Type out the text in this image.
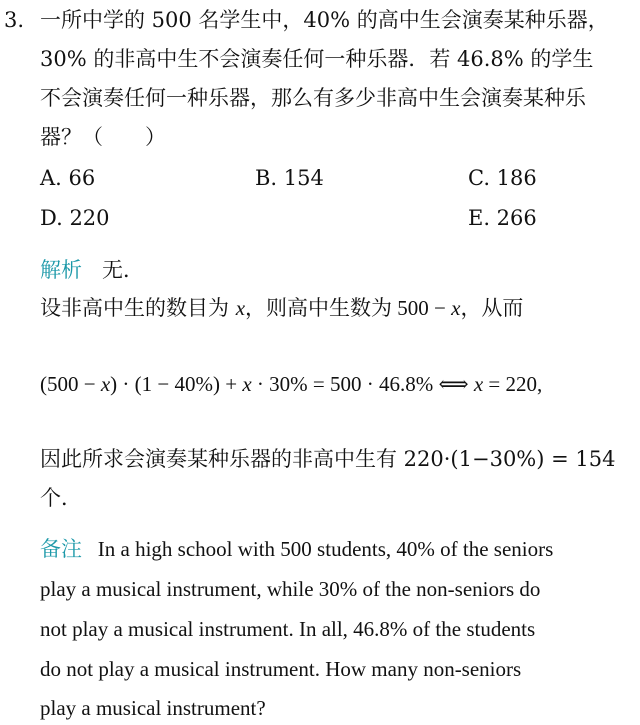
3. 一所中学的 500 名学生中，40% 的高中生会演奏某种乐器，
30% 的非高中生不会演奏任何一种乐器．若 46.8% 的学生
不会演奏任何一种乐器，那么有多少非高中生会演奏某种乐
器？（　　）
A. 66	B. 154	C. 186
D. 220	E. 266
解析 无．
设非高中生的数目为 x，则高中生数为 500 − x，从而
(500 − x) · (1 − 40%) + x · 30% = 500 · 46.8% ⟺ x = 220,
因此所求会演奏某种乐器的非高中生有 220·(1−30%) = 154
个．
备注 In a high school with 500 students, 40% of the seniors
play a musical instrument, while 30% of the non-seniors do
not play a musical instrument. In all, 46.8% of the students
do not play a musical instrument. How many non-seniors
play a musical instrument?
